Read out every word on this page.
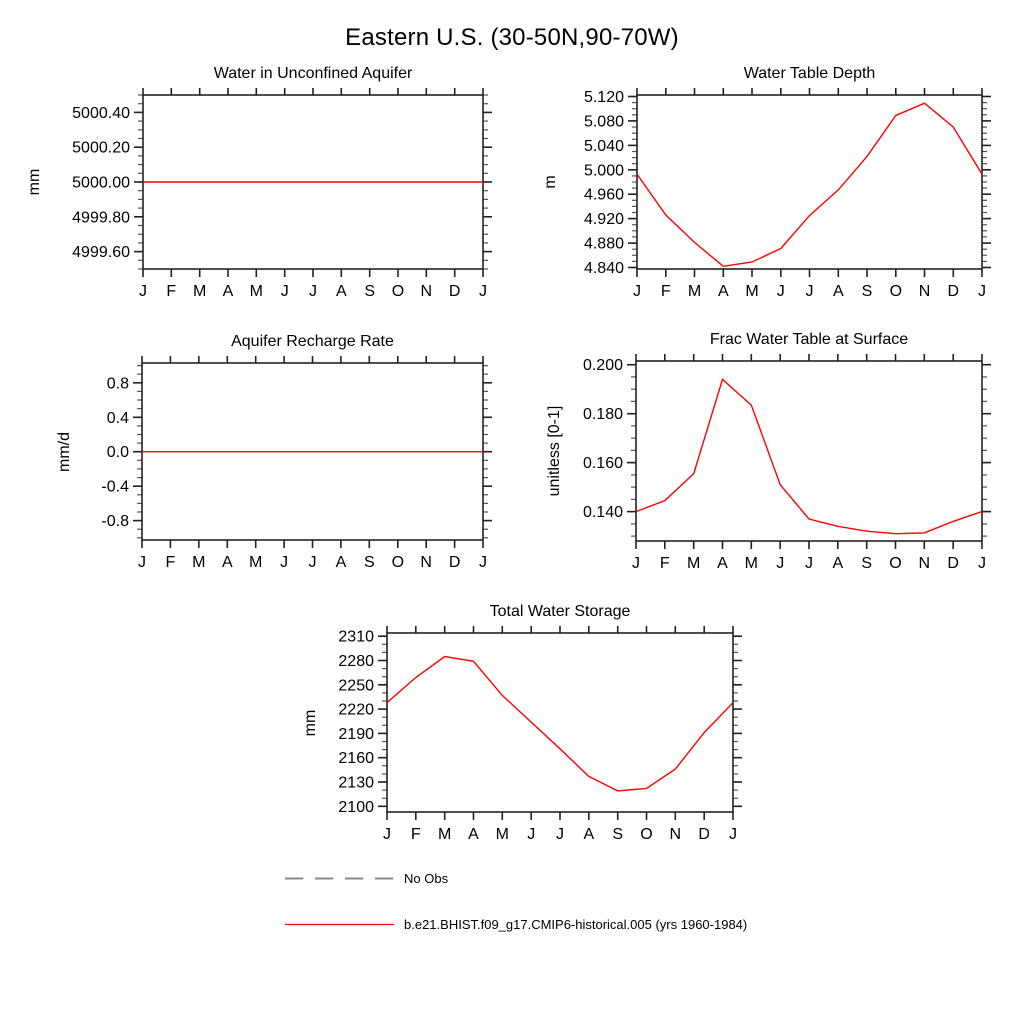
Eastern U.S. (30-50N,90-70W)
Water in Unconfined Aquifer
mm
4999.60
4999.80
5000.00
5000.20
5000.40
J F M A M J J A S O N D J
Water Table Depth
m
4.840
4.880
4.920
4.960
5.000
5.040
5.080
5.120
J F M A M J J A S O N D J
Aquifer Recharge Rate
mm/d
-0.8
-0.4
0.0
0.4
0.8
J F M A M J J A S O N D J
Frac Water Table at Surface
unitless [0-1]
0.140
0.160
0.180
0.200
J F M A M J J A S O N D J
Total Water Storage
mm
2100
2130
2160
2190
2220
2250
2280
2310
J F M A M J J A S O N D J
No Obs
b.e21.BHIST.f09_g17.CMIP6-historical.005 (yrs 1960-1984)
